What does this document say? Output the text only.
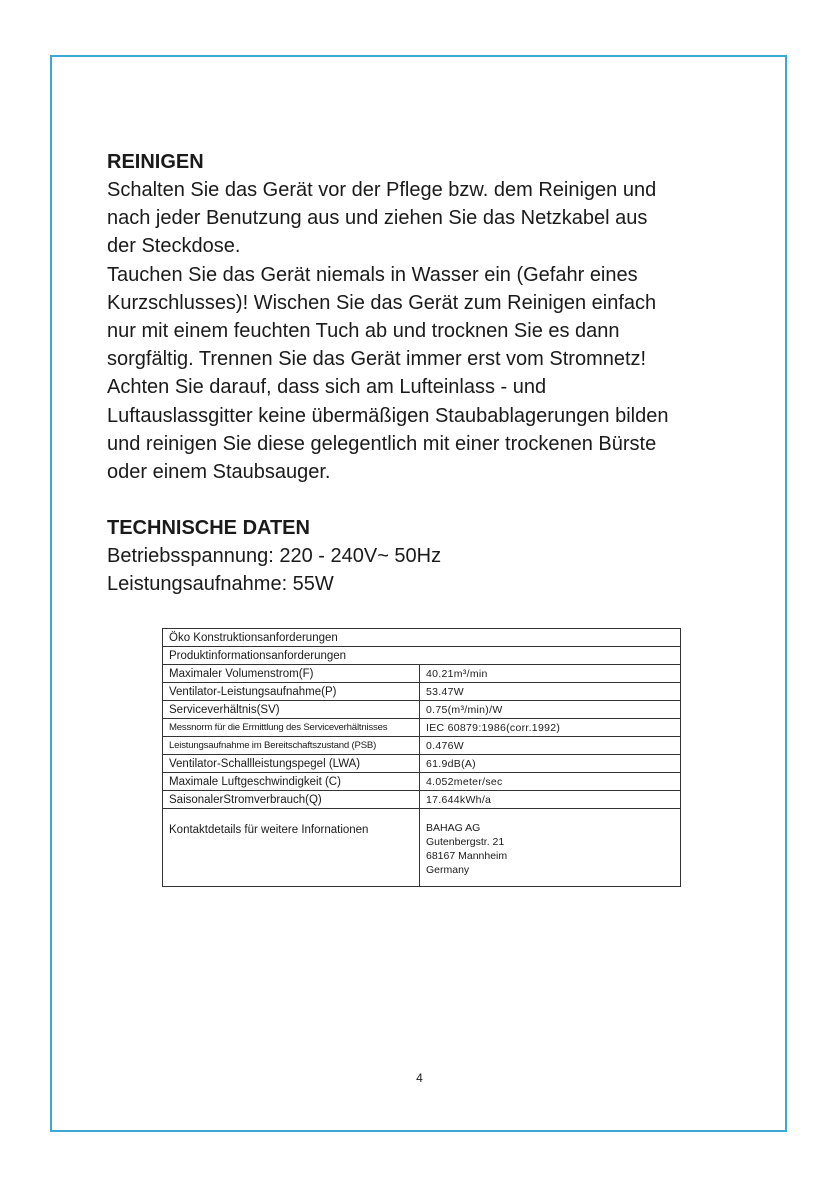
REINIGEN

Schalten Sie das Gerät vor der Pflege bzw. dem Reinigen und

nach jeder Benutzung aus und ziehen Sie das Netzkabel aus

der Steckdose.

Tauchen Sie das Gerät niemals in Wasser ein (Gefahr eines

Kurzschlusses)! Wischen Sie das Gerät zum Reinigen einfach

nur mit einem feuchten Tuch ab und trocknen Sie es dann

sorgfältig. Trennen Sie das Gerät immer erst vom Stromnetz!

Achten Sie darauf, dass sich am Lufteinlass - und

Luftauslassgitter keine übermäßigen Staubablagerungen bilden

und reinigen Sie diese gelegentlich mit einer trockenen Bürste

oder einem Staubsauger.

TECHNISCHE DATEN

Betriebsspannung: 220 - 240V~ 50Hz

Leistungsaufnahme: 55W

Öko Konstruktionsanforderungen	
Produktinformationsanforderungen	
Maximaler Volumenstrom(F)	40.21m³/min
Ventilator-Leistungsaufnahme(P)	53.47W
Serviceverhältnis(SV)	0.75(m³/min)/W
Messnorm für die Ermittlung des Serviceverhältnisses	IEC 60879:1986(corr.1992)
Leistungsaufnahme im Bereitschaftszustand (PSB)	0.476W
Ventilator-Schallleistungspegel (LWA)	61.9dB(A)
Maximale Luftgeschwindigkeit (C)	4.052meter/sec
SaisonalerStromverbrauch(Q)	17.644kWh/a
Kontaktdetails für weitere Infornationen	BAHAG AG
Gutenbergstr. 21
68167 Mannheim
Germany
4
